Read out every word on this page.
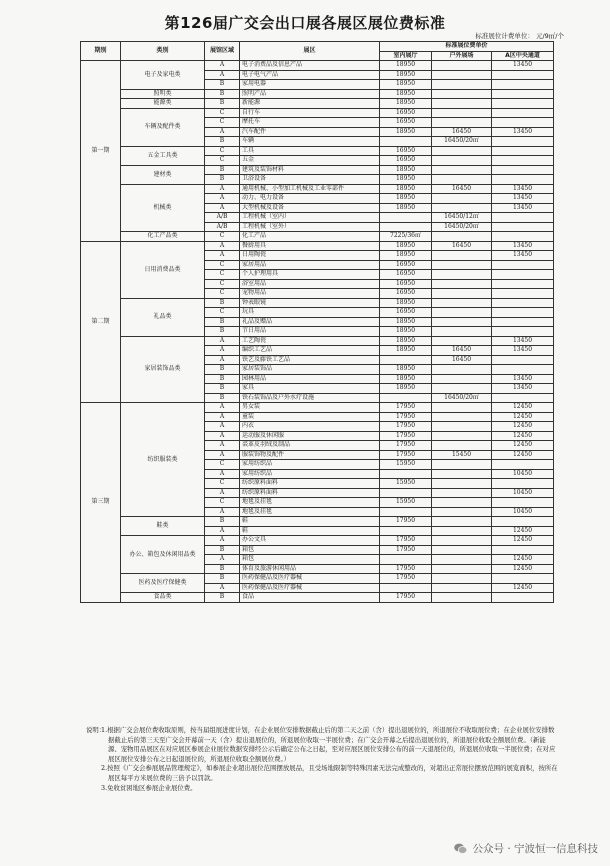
第126届广交会出口展各展区展位费标准
标准展位计费单位： 元/9㎡/个
期别	类别	展馆区域	展区	标准展位费单价		
				室内展厅	户外展场	A区中央通道
第一期	电子及家电类	A	电子消费品及信息产品	18950		13450
		A	电子电气产品	18950		
		B	家用电器	18950		
	照明类	B	照明产品	18950		
	能源类	B	新能源	18950		
	车辆及配件类	C	自行车	16950		
		C	摩托车	16950		
		A	汽车配件	18950	16450	13450
		B	车辆		16450/20㎡	
	五金工具类	C	工具	16950		
		C	五金	16950		
	建材类	B	建筑及装饰材料	18950		
		B	卫浴设备	18950		
	机械类	A	通用机械、小型加工机械及工业零部件	18950	16450	13450
		A	动力、电力设备	18950		13450
		A	大型机械及设备	18950		13450
		A/B	工程机械（室内）		16450/12㎡	
		A/B	工程机械（室外）		16450/20㎡	
	化工产品类	C	化工产品	7225/36㎡		
第二期	日用消费品类	A	餐厨用具	18950	16450	13450
		A	日用陶瓷	18950		13450
		C	家居用品	16950		
		C	个人护理用具	16950		
		C	浴室用品	16950		
		C	宠物用品	16950		
	礼品类	B	钟表眼镜	18950		
		C	玩具	16950		
		B	礼品及赠品	18950		
		B	节日用品	18950		
	家居装饰品类	A	工艺陶瓷	18950		13450
		A	编织工艺品	18950	16450	13450
		A	铁艺及藤铁工艺品		16450	
		B	家居装饰品	18950		
		B	园林用品	18950		13450
		B	家具	18950		13450
		B	铁石装饰品及户外水疗设施		16450/20㎡	
第三期	纺织服装类	A	男女装	17950		12450
		A	童装	17950		12450
		A	内衣	17950		12450
		A	运动服及休闲服	17950		12450
		A	裘革皮羽绒及制品	17950		12450
		A	服装饰物及配件	17950	15450	12450
		C	家用纺织品	15950		
		A	家用纺织品			10450
		C	纺织原料面料	15950		
		A	纺织原料面料			10450
		C	地毯及挂毯	15950		
		A	地毯及挂毯			10450
	鞋类	B	鞋	17950		
		A	鞋			12450
	办公、箱包及休闲用品类	A	办公文具	17950		12450
		B	箱包	17950		
		A	箱包			12450
		B	体育及旅游休闲用品	17950		12450
	医药及医疗保健类	B	医药保健品及医疗器械	17950		
		A	医药保健品及医疗器械			12450
	食品类	B	食品	17950		
说明：
1.根据广交会展位费收取原则，按当届组展进度计划，在企业展位安排数据截止后的第二天之前（含）提出退展位的，所退展位不收取展位费；在企业展位安排数据截止后的第三天至广交会开幕前一天（含）提出退展位的，所退展位收取一半展位费；在广交会开幕之后提出退展位的，所退展位收取全额展位费。（新能源、宠物用品展区在对应展区参展企业展位数据安排经公示后确定公布之日起，至对应展区展位安排公布的前一天退展位的，所退展位收取一半展位费；在对应展区展位安排公布之日起退展位的，所退展位收取全额展位费。）
2.按照《广交会参展展品管理规定》，如参展企业超出展位范围摆放展品，且受场地限制等特殊因素无法完成整改的，对超出正常展位摆放范围的展览面积，按所在展区每平方米展位费的三倍予以罚款。
3.免收贫困地区参展企业展位费。
公众号 · 宁波恒一信息科技
